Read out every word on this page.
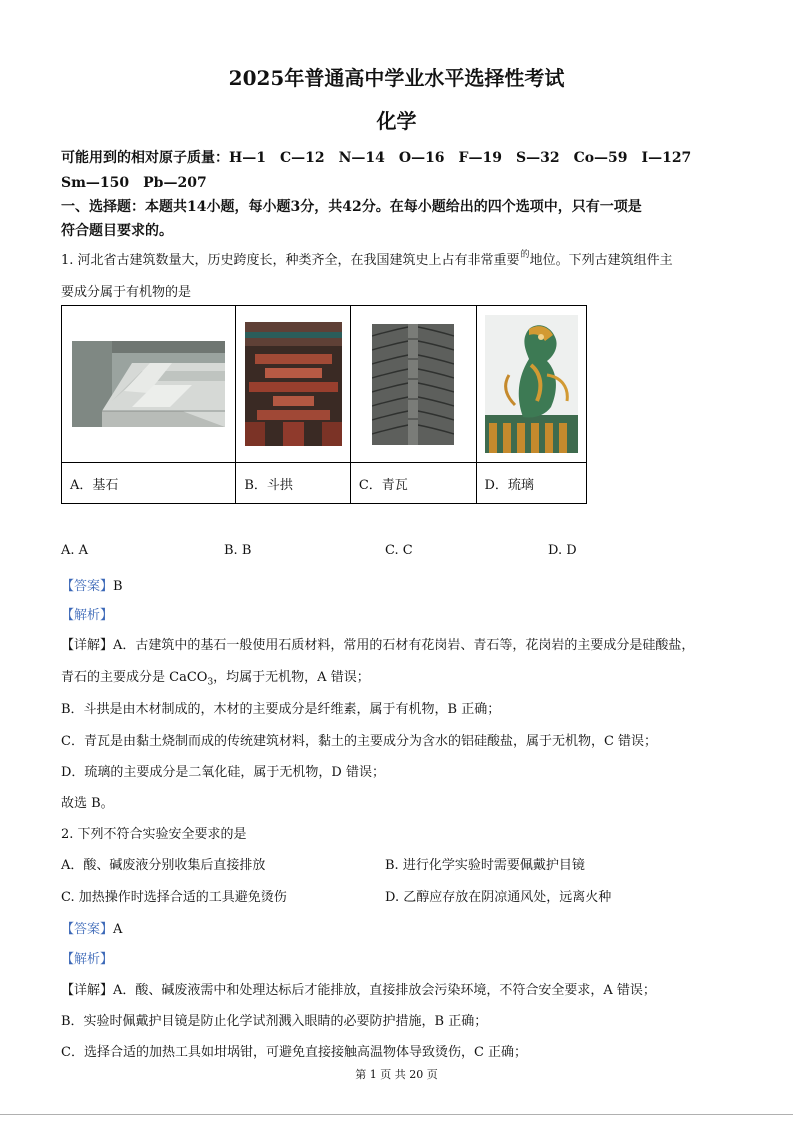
2025年普通高中学业水平选择性考试
化学
可能用到的相对原子质量：H—1　C—12　N—14　O—16　F—19　S—32　Co—59　I—127
Sm—150　Pb—207
一、选择题：本题共14小题，每小题3分，共42分。在每小题给出的四个选项中，只有一项是
符合题目要求的。
1. 河北省古建筑数量大，历史跨度长，种类齐全，在我国建筑史上占有非常重要$^的$地位。下列古建筑组件主
要成分属于有机物的是

A．基石	B．斗拱	C．青瓦	D．琉璃
A. A	B. B	C. C	D. D
【答案】B
【解析】
【详解】A．古建筑中的基石一般使用石质材料，常用的石材有花岗岩、青石等，花岗岩的主要成分是硅酸盐，
青石的主要成分是 CaCO$_3$，均属于无机物，A 错误；
B．斗拱是由木材制成的，木材的主要成分是纤维素，属于有机物，B 正确；
C．青瓦是由黏土烧制而成的传统建筑材料，黏土的主要成分为含水的铝硅酸盐，属于无机物，C 错误；
D．琉璃的主要成分是二氧化硅，属于无机物，D 错误；
故选 B。
2. 下列不符合实验安全要求的是
A．酸、碱废液分别收集后直接排放	B. 进行化学实验时需要佩戴护目镜
C. 加热操作时选择合适的工具避免烫伤	D. 乙醇应存放在阴凉通风处，远离火种
【答案】A
【解析】
【详解】A．酸、碱废液需中和处理达标后才能排放，直接排放会污染环境，不符合安全要求，A 错误；
B．实验时佩戴护目镜是防止化学试剂溅入眼睛的必要防护措施，B 正确；
C．选择合适的加热工具如坩埚钳，可避免直接接触高温物体导致烫伤，C 正确；
第 1 页 共 20 页
